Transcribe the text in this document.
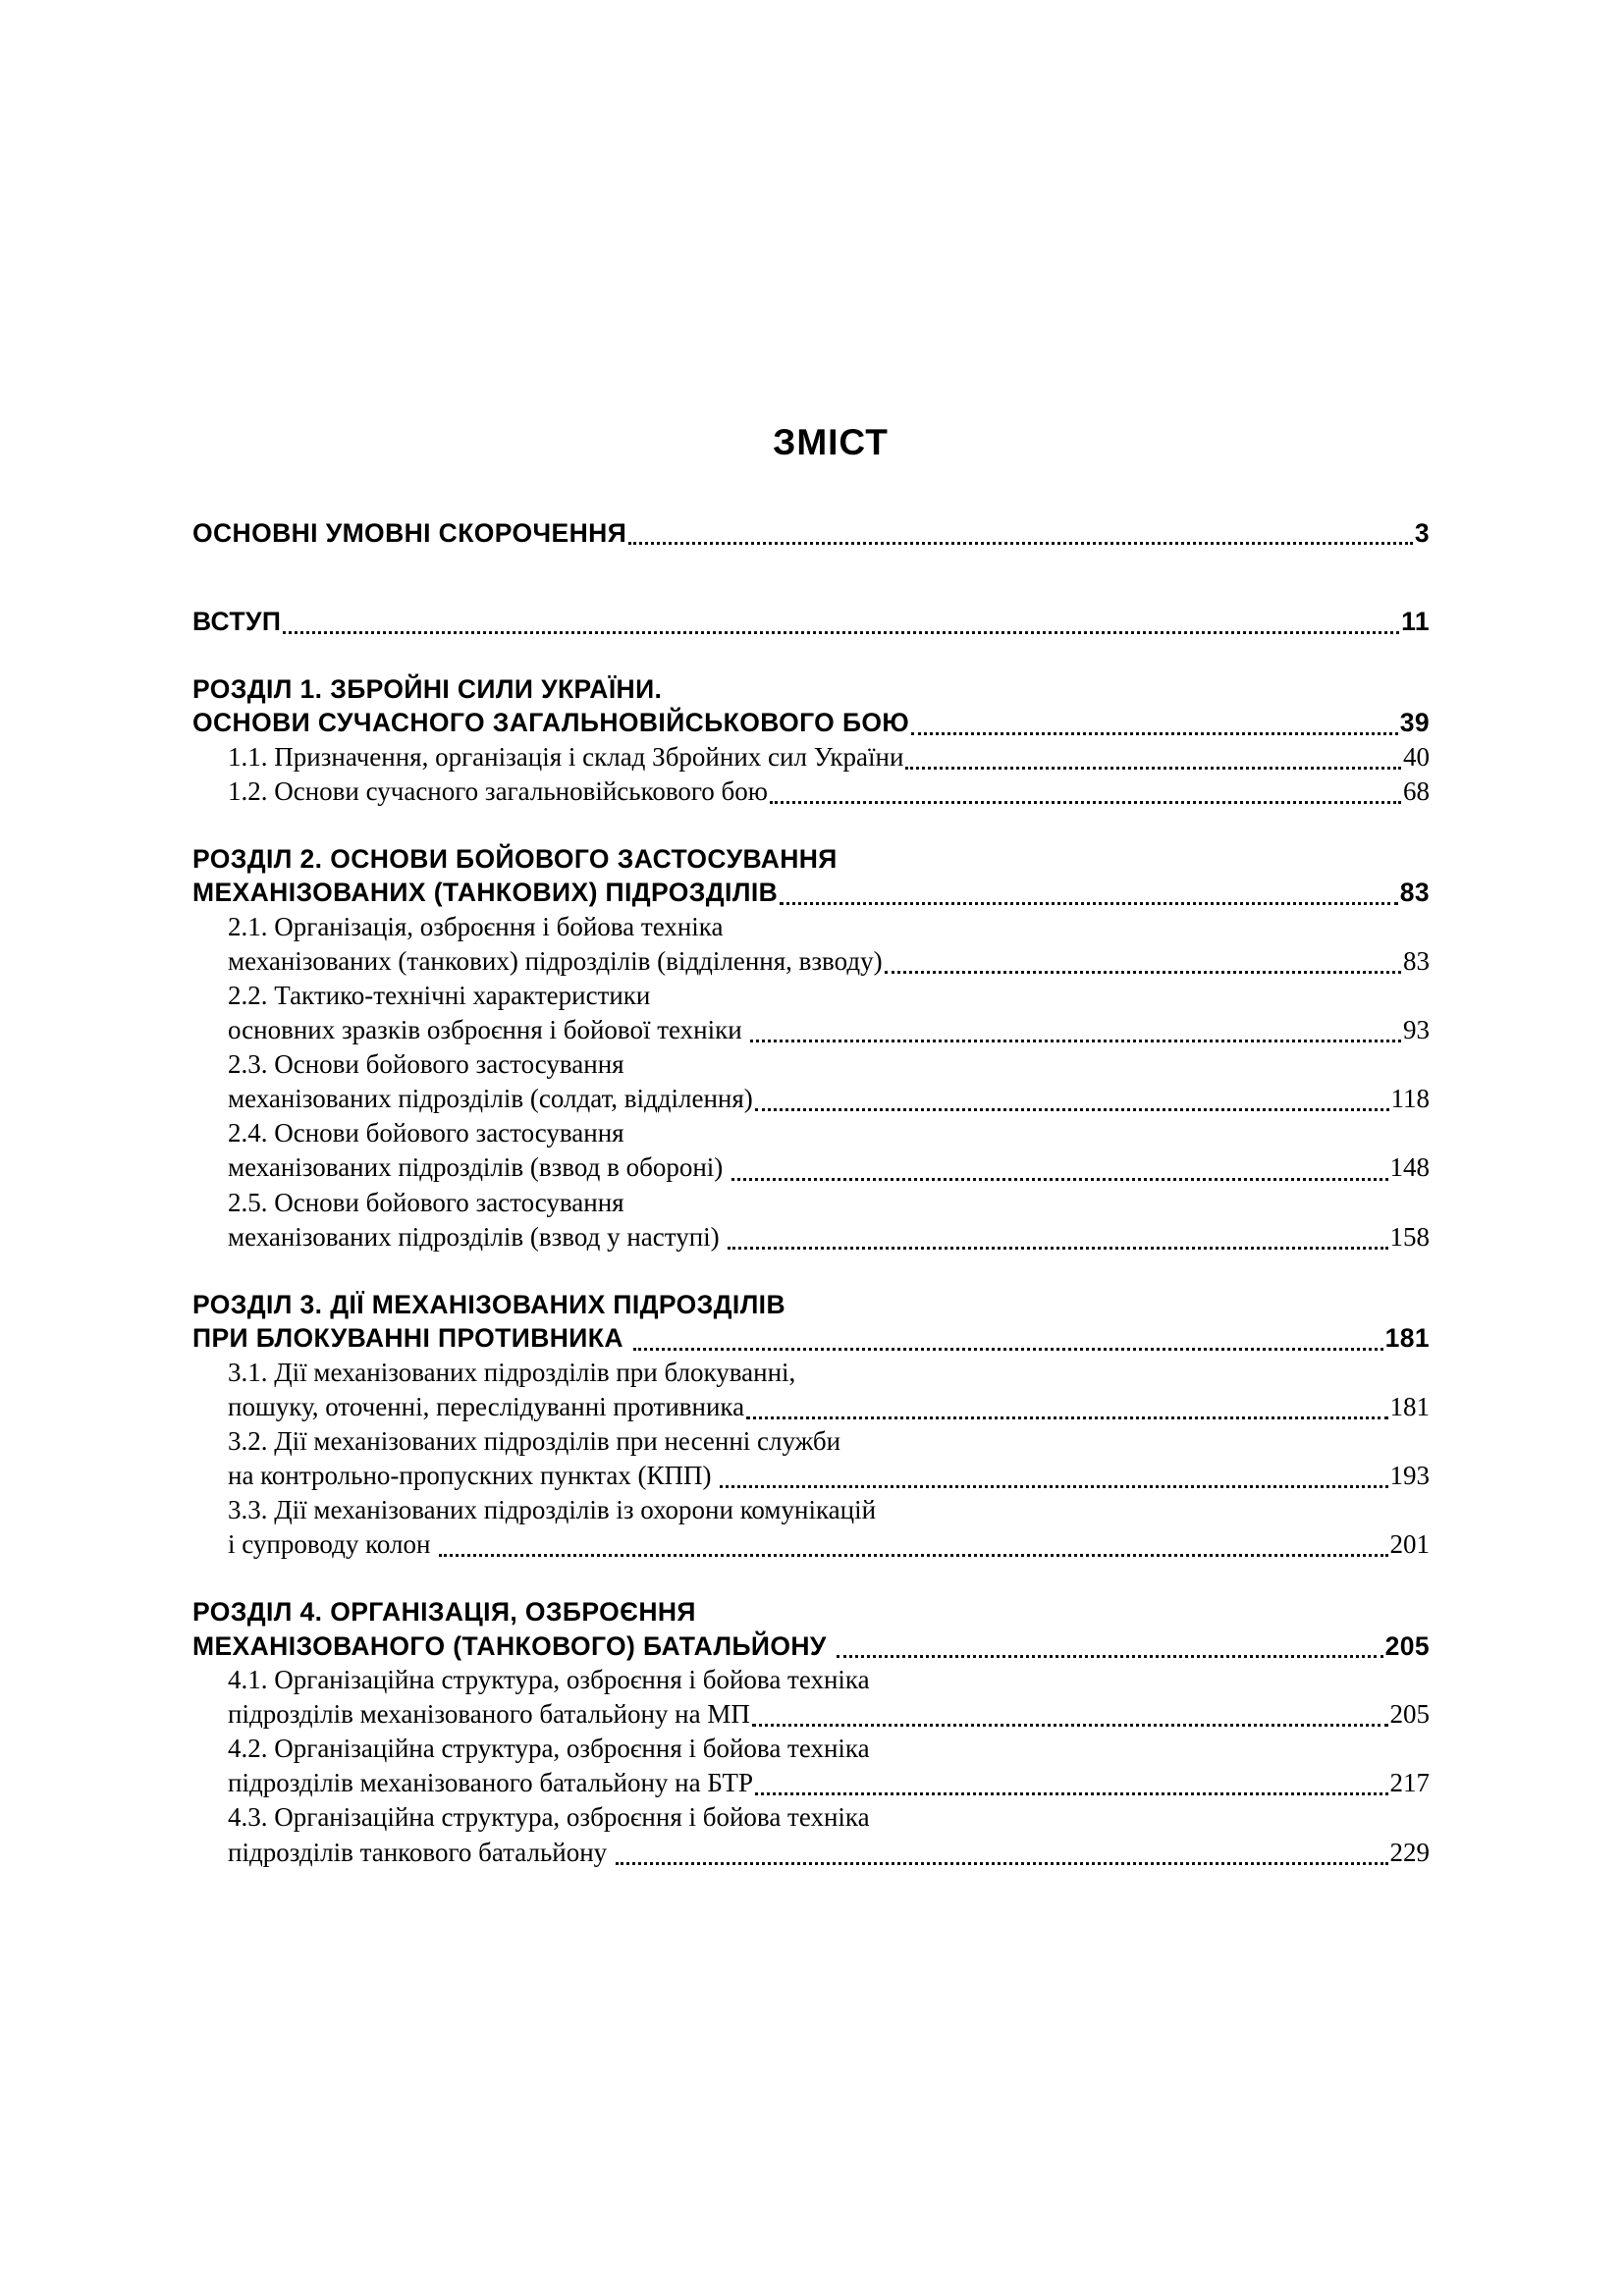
ЗМІСТ
ОСНОВНІ УМОВНІ СКОРОЧЕННЯ	3
ВСТУП	11
РОЗДІЛ 1. ЗБРОЙНІ СИЛИ УКРАЇНИ.
ОСНОВИ СУЧАСНОГО ЗАГАЛЬНОВІЙСЬКОВОГО БОЮ	39
1.1. Призначення, організація і склад Збройних сил України	40
1.2. Основи сучасного загальновійськового бою	68
РОЗДІЛ 2. ОСНОВИ БОЙОВОГО ЗАСТОСУВАННЯ
МЕХАНІЗОВАНИХ (ТАНКОВИХ) ПІДРОЗДІЛІВ	83
2.1. Організація, озброєння і бойова техніка
механізованих (танкових) підрозділів (відділення, взводу)	83
2.2. Тактико-технічні характеристики
основних зразків озброєння і бойової техніки	93
2.3. Основи бойового застосування
механізованих підрозділів (солдат, відділення)	118
2.4. Основи бойового застосування
механізованих підрозділів (взвод в обороні)	148
2.5. Основи бойового застосування
механізованих підрозділів (взвод у наступі)	158
РОЗДІЛ 3. ДІЇ МЕХАНІЗОВАНИХ ПІДРОЗДІЛІВ
ПРИ БЛОКУВАННІ ПРОТИВНИКА	181
3.1. Дії механізованих підрозділів при блокуванні,
пошуку, оточенні, переслідуванні противника	181
3.2. Дії механізованих підрозділів при несенні служби
на контрольно-пропускних пунктах (КПП)	193
3.3. Дії механізованих підрозділів із охорони комунікацій
і супроводу колон	201
РОЗДІЛ 4. ОРГАНІЗАЦІЯ, ОЗБРОЄННЯ
МЕХАНІЗОВАНОГО (ТАНКОВОГО) БАТАЛЬЙОНУ	205
4.1. Організаційна структура, озброєння і бойова техніка
підрозділів механізованого батальйону на МП	205
4.2. Організаційна структура, озброєння і бойова техніка
підрозділів механізованого батальйону на БТР	217
4.3. Організаційна структура, озброєння і бойова техніка
підрозділів танкового батальйону	229
